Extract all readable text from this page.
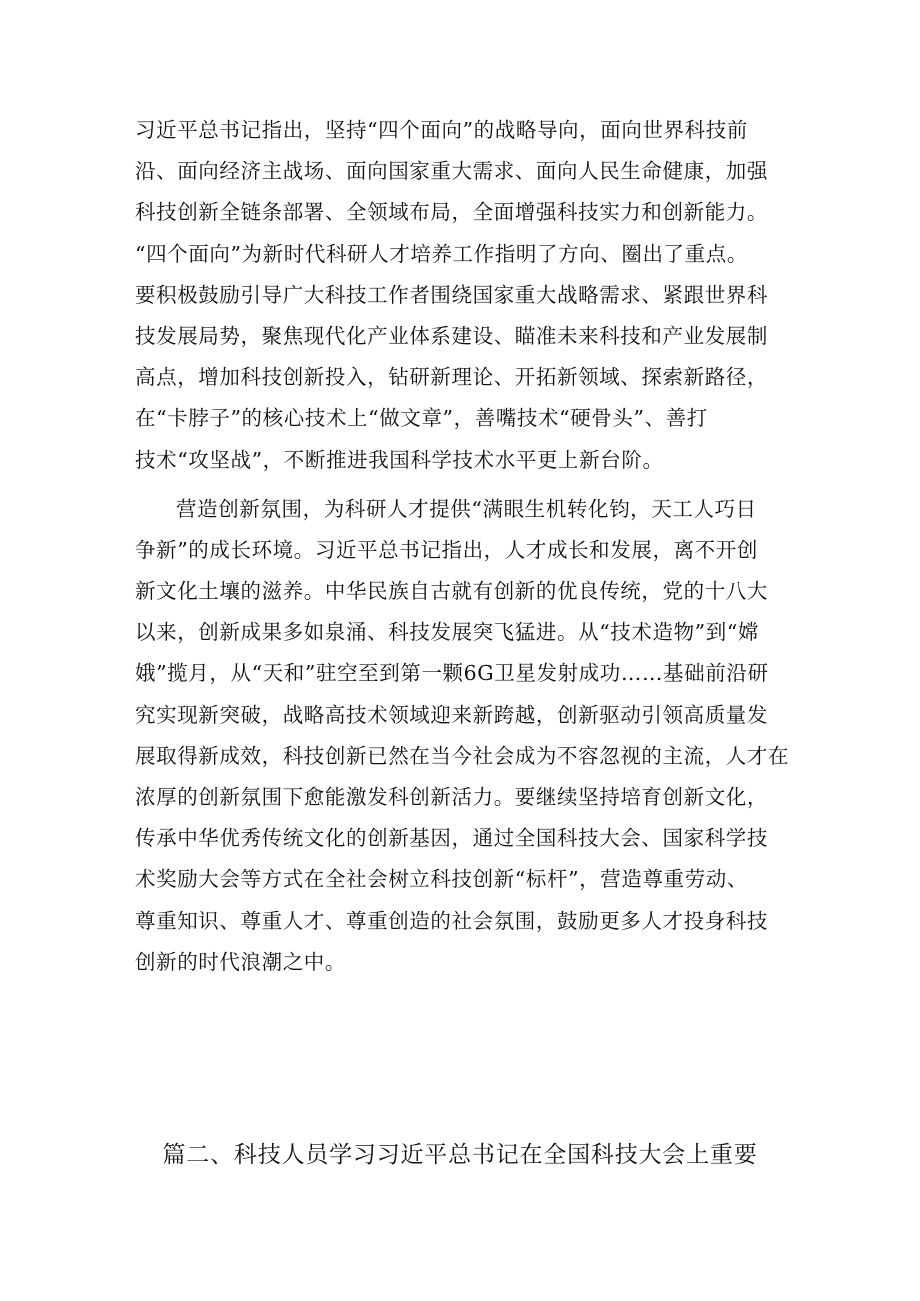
习近平总书记指出，坚持“四个面向”的战略导向，面向世界科技前
沿、面向经济主战场、面向国家重大需求、面向人民生命健康，加强
科技创新全链条部署、全领域布局，全面增强科技实力和创新能力。
“四个面向”为新时代科研人才培养工作指明了方向、圈出了重点。
要积极鼓励引导广大科技工作者围绕国家重大战略需求、紧跟世界科
技发展局势，聚焦现代化产业体系建设、瞄准未来科技和产业发展制
高点，增加科技创新投入，钻研新理论、开拓新领域、探索新路径，
在“卡脖子”的核心技术上“做文章”，善嘴技术“硬骨头”、善打
技术“攻坚战”，不断推进我国科学技术水平更上新台阶。
营造创新氛围，为科研人才提供“满眼生机转化钧，天工人巧日
争新”的成长环境。习近平总书记指出，人才成长和发展，离不开创
新文化土壤的滋养。中华民族自古就有创新的优良传统，党的十八大
以来，创新成果多如泉涌、科技发展突飞猛进。从“技术造物”到“嫦
娥”揽月，从“天和”驻空至到第一颗6G卫星发射成功……基础前沿研
究实现新突破，战略高技术领域迎来新跨越，创新驱动引领高质量发
展取得新成效，科技创新已然在当今社会成为不容忽视的主流，人才在
浓厚的创新氛围下愈能激发科创新活力。要继续坚持培育创新文化，
传承中华优秀传统文化的创新基因，通过全国科技大会、国家科学技
术奖励大会等方式在全社会树立科技创新“标杆”，营造尊重劳动、
尊重知识、尊重人才、尊重创造的社会氛围，鼓励更多人才投身科技
创新的时代浪潮之中。
篇二、科技人员学习习近平总书记在全国科技大会上重要
